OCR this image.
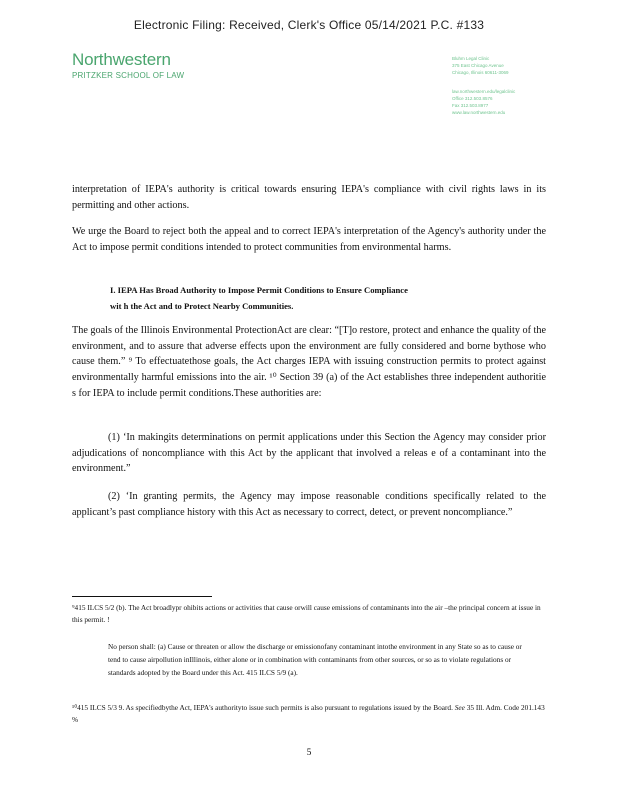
Electronic Filing: Received, Clerk's Office 05/14/2021 P.C. #133
Northwestern
PRITZKER SCHOOL OF LAW
Bluhm Legal Clinic
375 East Chicago Avenue
Chicago, Illinois 60611-3069
law.northwestern.edu/legalclinic
Office 312.503.8576
Fax 312.503.8977
www.law.northwestern.edu
interpretation of IEPA's authority is critical towards ensuring IEPA's compliance with civil rights laws in its permitting and other actions.
We urge the Board to reject both the appeal and to correct IEPA's interpretation of the Agency's authority under the Act to impose permit conditions intended to protect communities from environmental harms.
I. IEPA Has Broad Authority to Impose Permit Conditions to Ensure Compliance
wit h the Act and to Protect Nearby Communities.
The goals of the Illinois Environmental ProtectionAct are clear: “[T]o restore, protect and enhance the quality of the environment, and to assure that adverse effects upon the environment are fully considered and borne bythose who cause them.” ⁹ To effectuatethose goals, the Act charges IEPA with issuing construction permits to protect against environmentally harmful emissions into the air. ¹⁰ Section 39 (a) of the Act establishes three independent authoritie s for IEPA to include permit conditions.These authorities are:
(1) ‘In makingits determinations on permit applications under this Section the Agency may consider prior adjudications of noncompliance with this Act by the applicant that involved a releas e of a contaminant into the environment.”
(2) ‘In granting permits, the Agency may impose reasonable conditions specifically related to the applicant’s past compliance history with this Act as necessary to correct, detect, or prevent noncompliance.”
⁹415 ILCS 5/2 (b). The Act broadlypr ohibits actions or activities that cause orwill cause emissions of contaminants into the air –the principal concern at issue in this permit. !
No person shall: (a) Cause or threaten or allow the discharge or emissionofany contaminant intothe environment in any State so as to cause or tend to cause airpollution inIllinois, either alone or in combination with contaminants from other sources, or so as to violate regulations or standards adopted by the Board under this Act. 415 ILCS 5/9 (a).
¹⁰415 ILCS 5/3 9. As specifiedbythe Act, IEPA's authorityto issue such permits is also pursuant to regulations issued by the Board. See 35 Ill. Adm. Code 201.143 %
5
